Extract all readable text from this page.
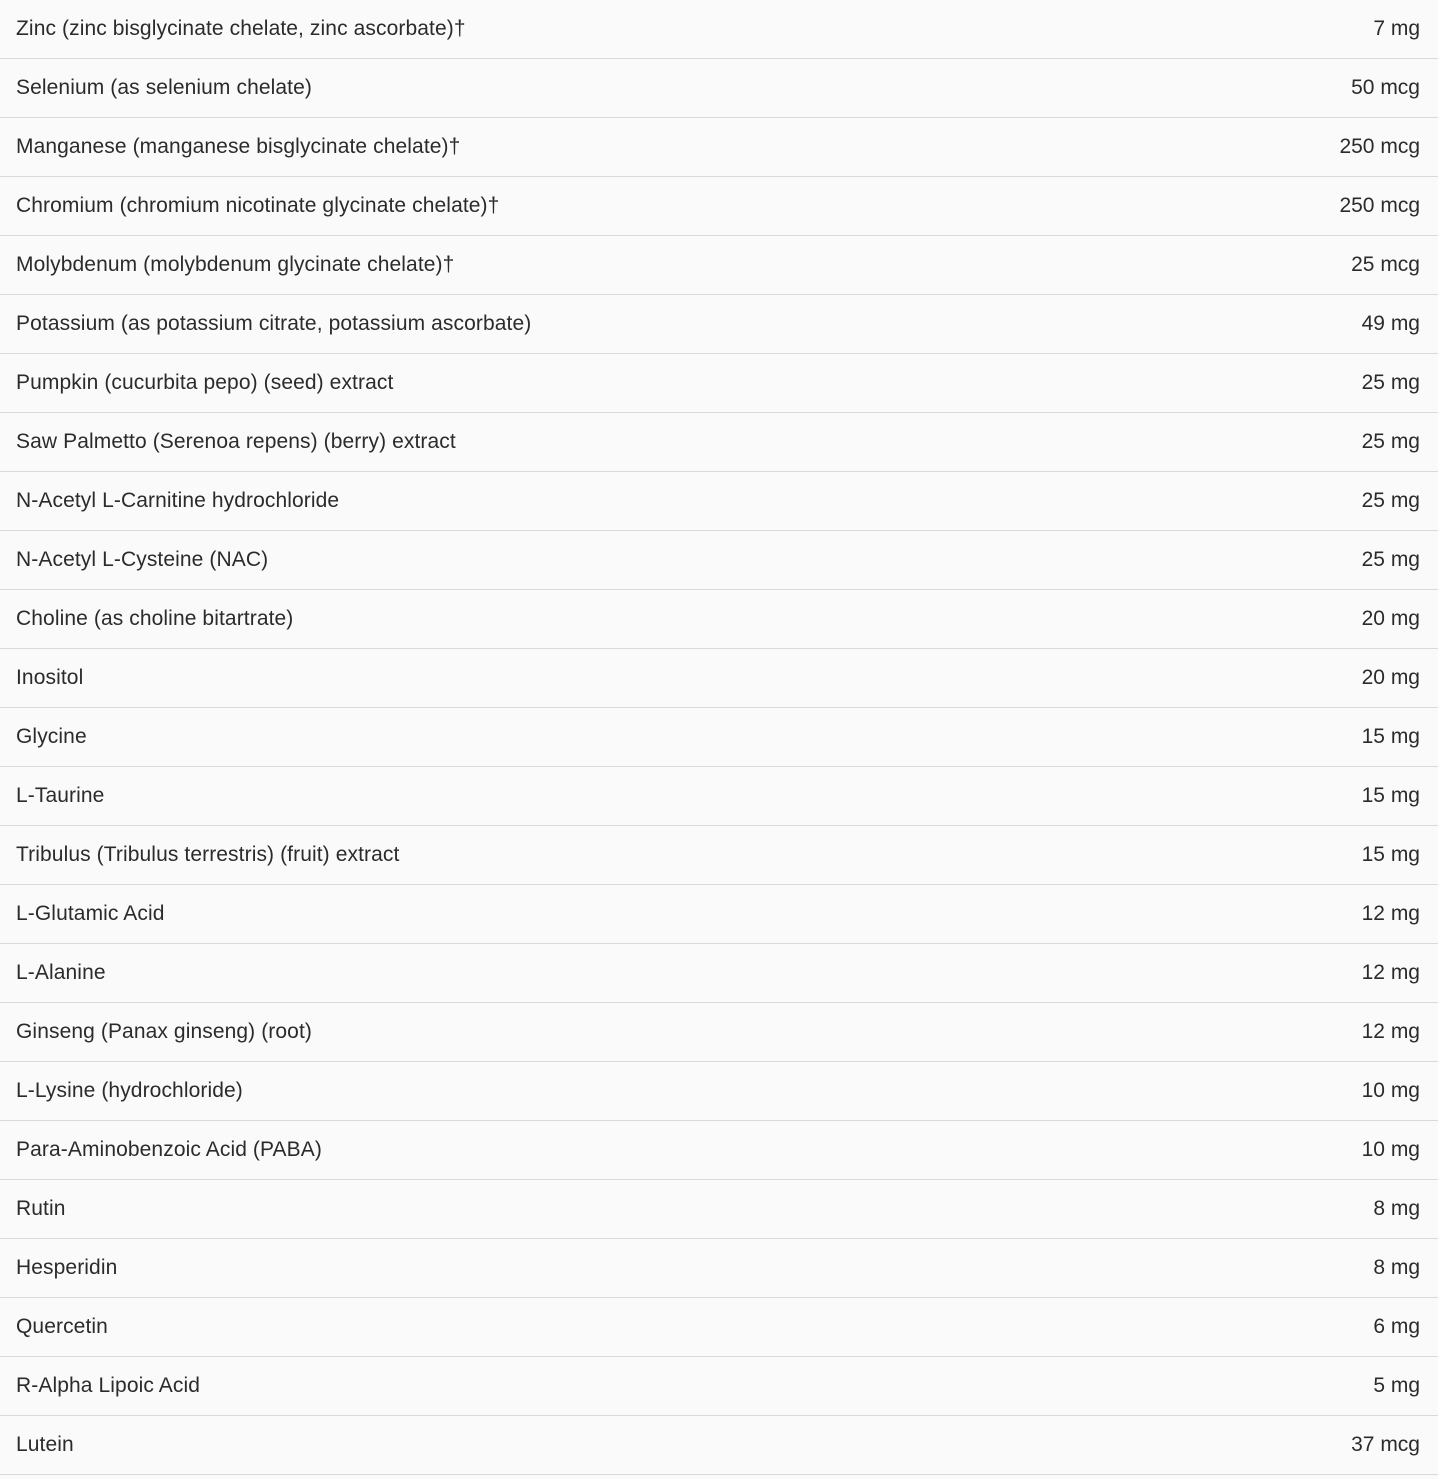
Zinc (zinc bisglycinate chelate, zinc ascorbate)†	7 mg
Selenium (as selenium chelate)	50 mcg
Manganese (manganese bisglycinate chelate)†	250 mcg
Chromium (chromium nicotinate glycinate chelate)†	250 mcg
Molybdenum (molybdenum glycinate chelate)†	25 mcg
Potassium (as potassium citrate, potassium ascorbate)	49 mg
Pumpkin (cucurbita pepo) (seed) extract	25 mg
Saw Palmetto (Serenoa repens) (berry) extract	25 mg
N-Acetyl L-Carnitine hydrochloride	25 mg
N-Acetyl L-Cysteine (NAC)	25 mg
Choline (as choline bitartrate)	20 mg
Inositol	20 mg
Glycine	15 mg
L-Taurine	15 mg
Tribulus (Tribulus terrestris) (fruit) extract	15 mg
L-Glutamic Acid	12 mg
L-Alanine	12 mg
Ginseng (Panax ginseng) (root)	12 mg
L-Lysine (hydrochloride)	10 mg
Para-Aminobenzoic Acid (PABA)	10 mg
Rutin	8 mg
Hesperidin	8 mg
Quercetin	6 mg
R-Alpha Lipoic Acid	5 mg
Lutein	37 mcg
